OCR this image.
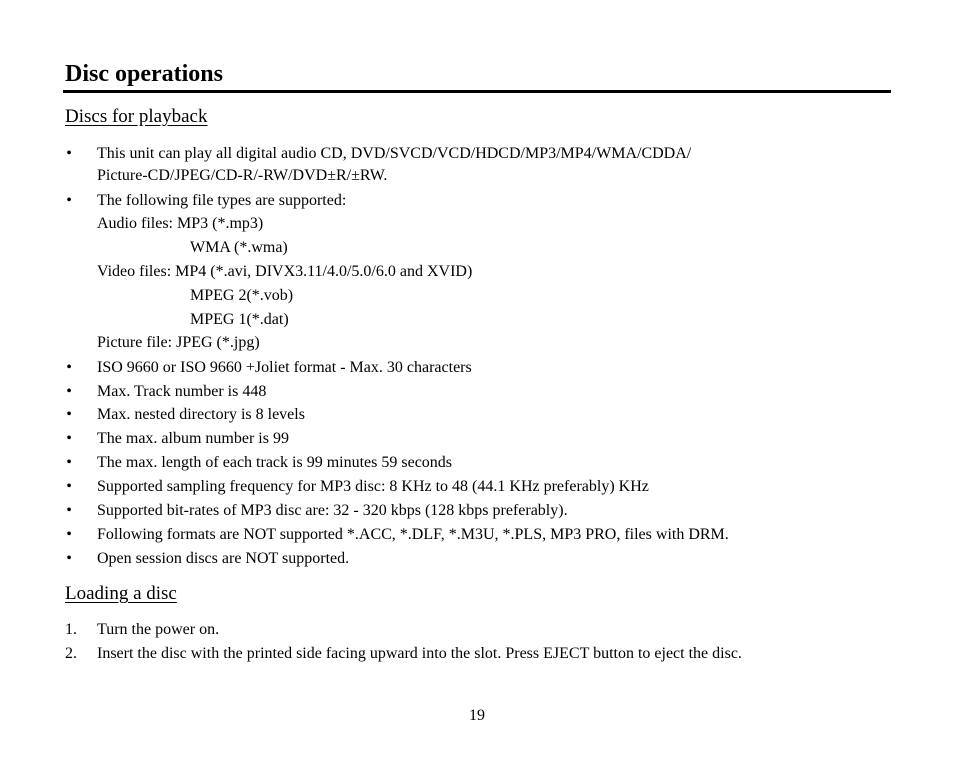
Disc operations
Discs for playback
• This unit can play all digital audio CD, DVD/SVCD/VCD/HDCD/MP3/MP4/WMA/CDDA/
Picture-CD/JPEG/CD-R/-RW/DVD±R/±RW.
• The following file types are supported:
Audio files: MP3 (*.mp3)
WMA (*.wma)
Video files: MP4 (*.avi, DIVX3.11/4.0/5.0/6.0 and XVID)
MPEG 2(*.vob)
MPEG 1(*.dat)
Picture file: JPEG (*.jpg)
• ISO 9660 or ISO 9660 +Joliet format - Max. 30 characters
• Max. Track number is 448
• Max. nested directory is 8 levels
• The max. album number is 99
• The max. length of each track is 99 minutes 59 seconds
• Supported sampling frequency for MP3 disc: 8 KHz to 48 (44.1 KHz preferably) KHz
• Supported bit-rates of MP3 disc are: 32 - 320 kbps (128 kbps preferably).
• Following formats are NOT supported *.ACC, *.DLF, *.M3U, *.PLS, MP3 PRO, files with DRM.
• Open session discs are NOT supported.
Loading a disc
1. Turn the power on.
2. Insert the disc with the printed side facing upward into the slot. Press EJECT button to eject the disc.
19
